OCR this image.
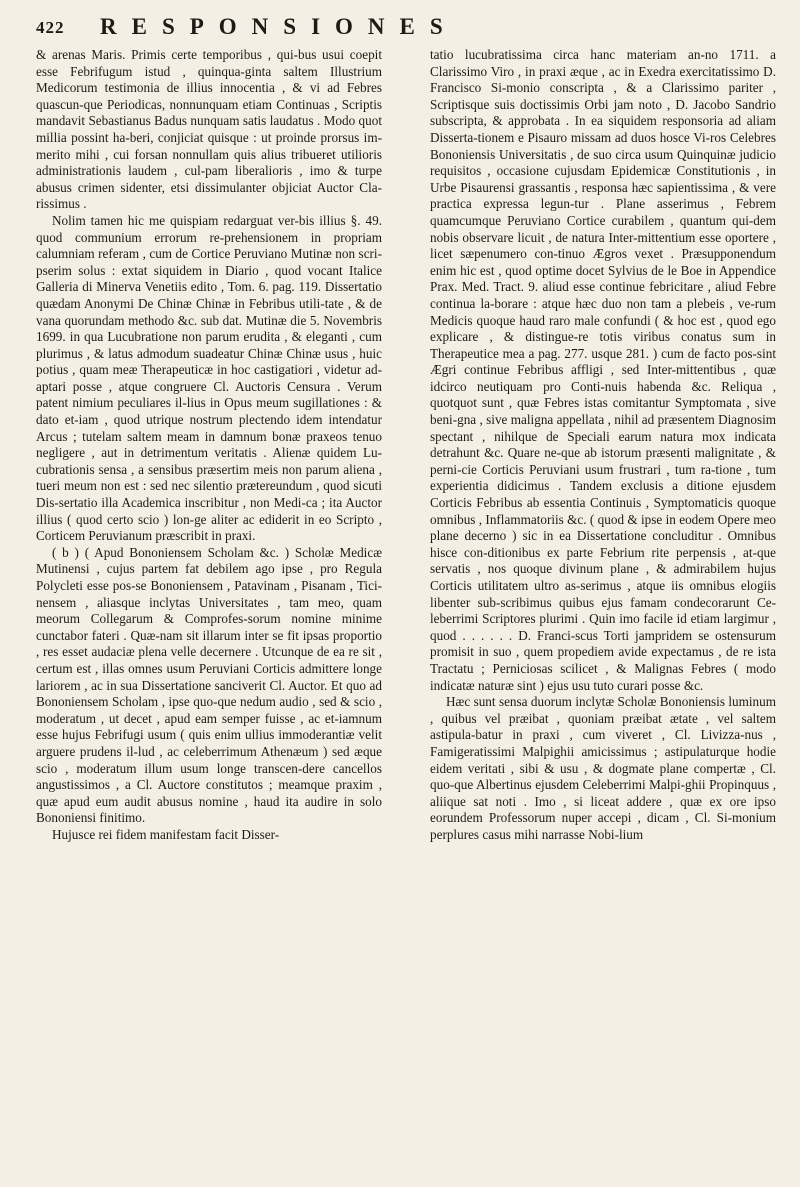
422 RESPONSIONES

& arenas Maris. Primis certe temporibus , qui-bus usui coepit esse Febrifugum istud , quinqua-ginta saltem Illustrium Medicorum testimonia de illius innocentia , & vi ad Febres quascun-que Periodicas, nonnunquam etiam Continuas , Scriptis mandavit Sebastianus Badus nunquam satis laudatus . Modo quot millia possint ha-beri, conjiciat quisque : ut proinde prorsus im-merito mihi , cui forsan nonnullam quis alius tribueret utilioris administrationis laudem , cul-pam liberalioris , imo & turpe abusus crimen sidenter, etsi dissimulanter objiciat Auctor Cla-rissimus .

Nolim tamen hic me quispiam redarguat ver-bis illius §. 49. quod communium errorum re-prehensionem in propriam calumniam referam , cum de Cortice Peruviano Mutinæ non scri-pserim solus : extat siquidem in Diario , quod vocant Italice Galleria di Minerva Venetiis edito , Tom. 6. pag. 119. Dissertatio quædam Anonymi De Chinæ Chinæ in Febribus utili-tate , & de vana quorundam methodo &c. sub dat. Mutinæ die 5. Novembris 1699. in qua Lucubratione non parum erudita , & eleganti , cum plurimus , & latus admodum suadeatur Chinæ Chinæ usus , huic potius , quam meæ Therapeuticæ in hoc castigatiori , videtur ad-aptari posse , atque congruere Cl. Auctoris Censura . Verum patent nimium peculiares il-lius in Opus meum sugillationes : & dato et-iam , quod utrique nostrum plectendo idem intendatur Arcus ; tutelam saltem meam in damnum bonæ praxeos tenuo negligere , aut in detrimentum veritatis . Alienæ quidem Lu-cubrationis sensa , a sensibus præsertim meis non parum aliena , tueri meum non est : sed nec silentio prætereundum , quod sicuti Dis-sertatio illa Academica inscribitur , non Medi-ca ; ita Auctor illius ( quod certo scio ) lon-ge aliter ac ediderit in eo Scripto , Corticem Peruvianum præscribit in praxi.

( b ) ( Apud Bononiensem Scholam &c. ) Scholæ Medicæ Mutinensi , cujus partem fat debilem ago ipse , pro Regula Polycleti esse pos-se Bononiensem , Patavinam , Pisanam , Tici-nensem , aliasque inclytas Universitates , tam meo, quam meorum Collegarum & Comprofes-sorum nomine minime cunctabor fateri . Quæ-nam sit illarum inter se fit ipsas proportio , res esset audaciæ plena velle decernere . Utcunque de ea re sit , certum est , illas omnes usum Peruviani Corticis admittere longe lariorem , ac in sua Dissertatione sanciverit Cl. Auctor. Et quo ad Bononiensem Scholam , ipse quo-que nedum audio , sed & scio , moderatum , ut decet , apud eam semper fuisse , ac et-iamnum esse hujus Febrifugi usum ( quis enim ullius immoderantiæ velit arguere prudens il-lud , ac celeberrimum Athenæum ) sed æque scio , moderatum illum usum longe transcen-dere cancellos angustissimos , a Cl. Auctore constitutos ; meamque praxim , quæ apud eum audit abusus nomine , haud ita audire in solo Bononiensi finitimo.

Hujusce rei fidem manifestam facit Disser-

tatio lucubratissima circa hanc materiam an-no 1711. a Clarissimo Viro , in praxi æque , ac in Exedra exercitatissimo D. Francisco Si-monio conscripta , & a Clarissimo pariter , Scriptisque suis doctissimis Orbi jam noto , D. Jacobo Sandrio subscripta, & approbata . In ea siquidem responsoria ad aliam Disserta-tionem e Pisauro missam ad duos hosce Vi-ros Celebres Bononiensis Universitatis , de suo circa usum Quinquinæ judicio requisitos , occasione cujusdam Epidemicæ Constitutionis , in Urbe Pisaurensi grassantis , responsa hæc sapientissima , & vere practica expressa legun-tur . Plane asserimus , Febrem quamcumque Peruviano Cortice curabilem , quantum qui-dem nobis observare licuit , de natura Inter-mittentium esse oportere , licet sæpenumero con-tinuo Ægros vexet . Præsupponendum enim hic est , quod optime docet Sylvius de le Boe in Appendice Prax. Med. Tract. 9. aliud esse continue febricitare , aliud Febre continua la-borare : atque hæc duo non tam a plebeis , ve-rum Medicis quoque haud raro male confundi ( & hoc est , quod ego explicare , & distingue-re totis viribus conatus sum in Therapeutice mea a pag. 277. usque 281. ) cum de facto pos-sint Ægri continue Febribus affligi , sed Inter-mittentibus , quæ idcirco neutiquam pro Conti-nuis habenda &c. Reliqua , quotquot sunt , quæ Febres istas comitantur Symptomata , sive beni-gna , sive maligna appellata , nihil ad præsentem Diagnosim spectant , nihilque de Speciali earum natura mox indicata detrahunt &c. Quare ne-que ab istorum præsenti malignitate , & perni-cie Corticis Peruviani usum frustrari , tum ra-tione , tum experientia didicimus . Tandem exclusis a ditione ejusdem Corticis Febribus ab essentia Continuis , Symptomaticis quoque omnibus , Inflammatoriis &c. ( quod & ipse in eodem Opere meo plane decerno ) sic in ea Dissertatione concluditur . Omnibus hisce con-ditionibus ex parte Febrium rite perpensis , at-que servatis , nos quoque divinum plane , & admirabilem hujus Corticis utilitatem ultro as-serimus , atque iis omnibus elogiis libenter sub-scribimus quibus ejus famam condecorarunt Ce-leberrimi Scriptores plurimi . Quin imo facile id etiam largimur , quod . . . . . . D. Franci-scus Torti jampridem se ostensurum promisit in suo , quem propediem avide expectamus , de re ista Tractatu ; Perniciosas scilicet , & Malignas Febres ( modo indicatæ naturæ sint ) ejus usu tuto curari posse &c.

Hæc sunt sensa duorum inclytæ Scholæ Bononiensis luminum , quibus vel præibat , quoniam præibat ætate , vel saltem astipula-batur in praxi , cum viveret , Cl. Livizza-nus , Famigeratissimi Malpighii amicissimus ; astipulaturque hodie eidem veritati , sibi & usu , & dogmate plane compertæ , Cl. quo-que Albertinus ejusdem Celeberrimi Malpi-ghii Propinquus , aliique sat noti . Imo , si liceat addere , quæ ex ore ipso eorundem Professorum nuper accepi , dicam , Cl. Si-monium perplures casus mihi narrasse Nobi-lium
